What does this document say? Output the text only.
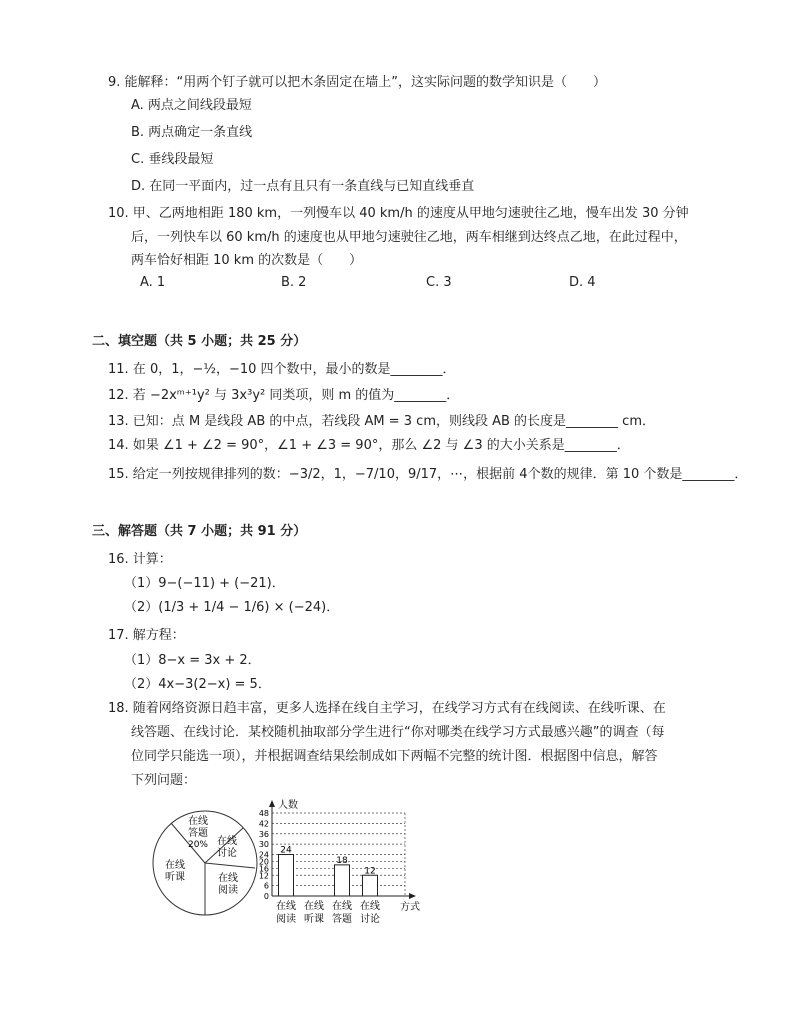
9. 能解释：“用两个钉子就可以把木条固定在墙上”，这实际问题的数学知识是（　　）
A. 两点之间线段最短
B. 两点确定一条直线
C. 垂线段最短
D. 在同一平面内，过一点有且只有一条直线与已知直线垂直
10. 甲、乙两地相距 180 km，一列慢车以 40 km/h 的速度从甲地匀速驶往乙地，慢车出发 30 分钟
后，一列快车以 60 km/h 的速度也从甲地匀速驶往乙地，两车相继到达终点乙地，在此过程中，
两车恰好相距 10 km 的次数是（　　）
A. 1	B. 2	C. 3	D. 4
二、填空题（共 5 小题；共 25 分）
11. 在 0，1，−½，−10 四个数中，最小的数是________．
12. 若 −2xᵐ⁺¹y² 与 3x³y² 同类项，则 m 的值为________．
13. 已知：点 M 是线段 AB 的中点，若线段 AM = 3 cm，则线段 AB 的长度是________ cm．
14. 如果 ∠1 + ∠2 = 90°，∠1 + ∠3 = 90°，那么 ∠2 与 ∠3 的大小关系是________．
15. 给定一列按规律排列的数：−3/2，1，−7/10，9/17，⋯，根据前 4个数的规律．第 10 个数是________．
三、解答题（共 7 小题；共 91 分）
16. 计算：
（1）9−(−11) + (−21)．
（2）(1/3 + 1/4 − 1/6) × (−24)．
17. 解方程：
（1）8−x = 3x + 2．
（2）4x−3(2−x) = 5．
18. 随着网络资源日趋丰富，更多人选择在线自主学习，在线学习方式有在线阅读、在线听课、在
线答题、在线讨论．某校随机抽取部分学生进行“你对哪类在线学习方式最感兴趣”的调查（每
位同学只能选一项），并根据调查结果绘制成如下两幅不完整的统计图．根据图中信息，解答
下列问题：
在线
答题
20% 在线
讨论
在线
听课	在线
阅读
0
6
12
16
20
24
30
36
42
48
24
18
12
在线
阅读
在线
听课
在线
答题
在线
讨论
人数
方式
